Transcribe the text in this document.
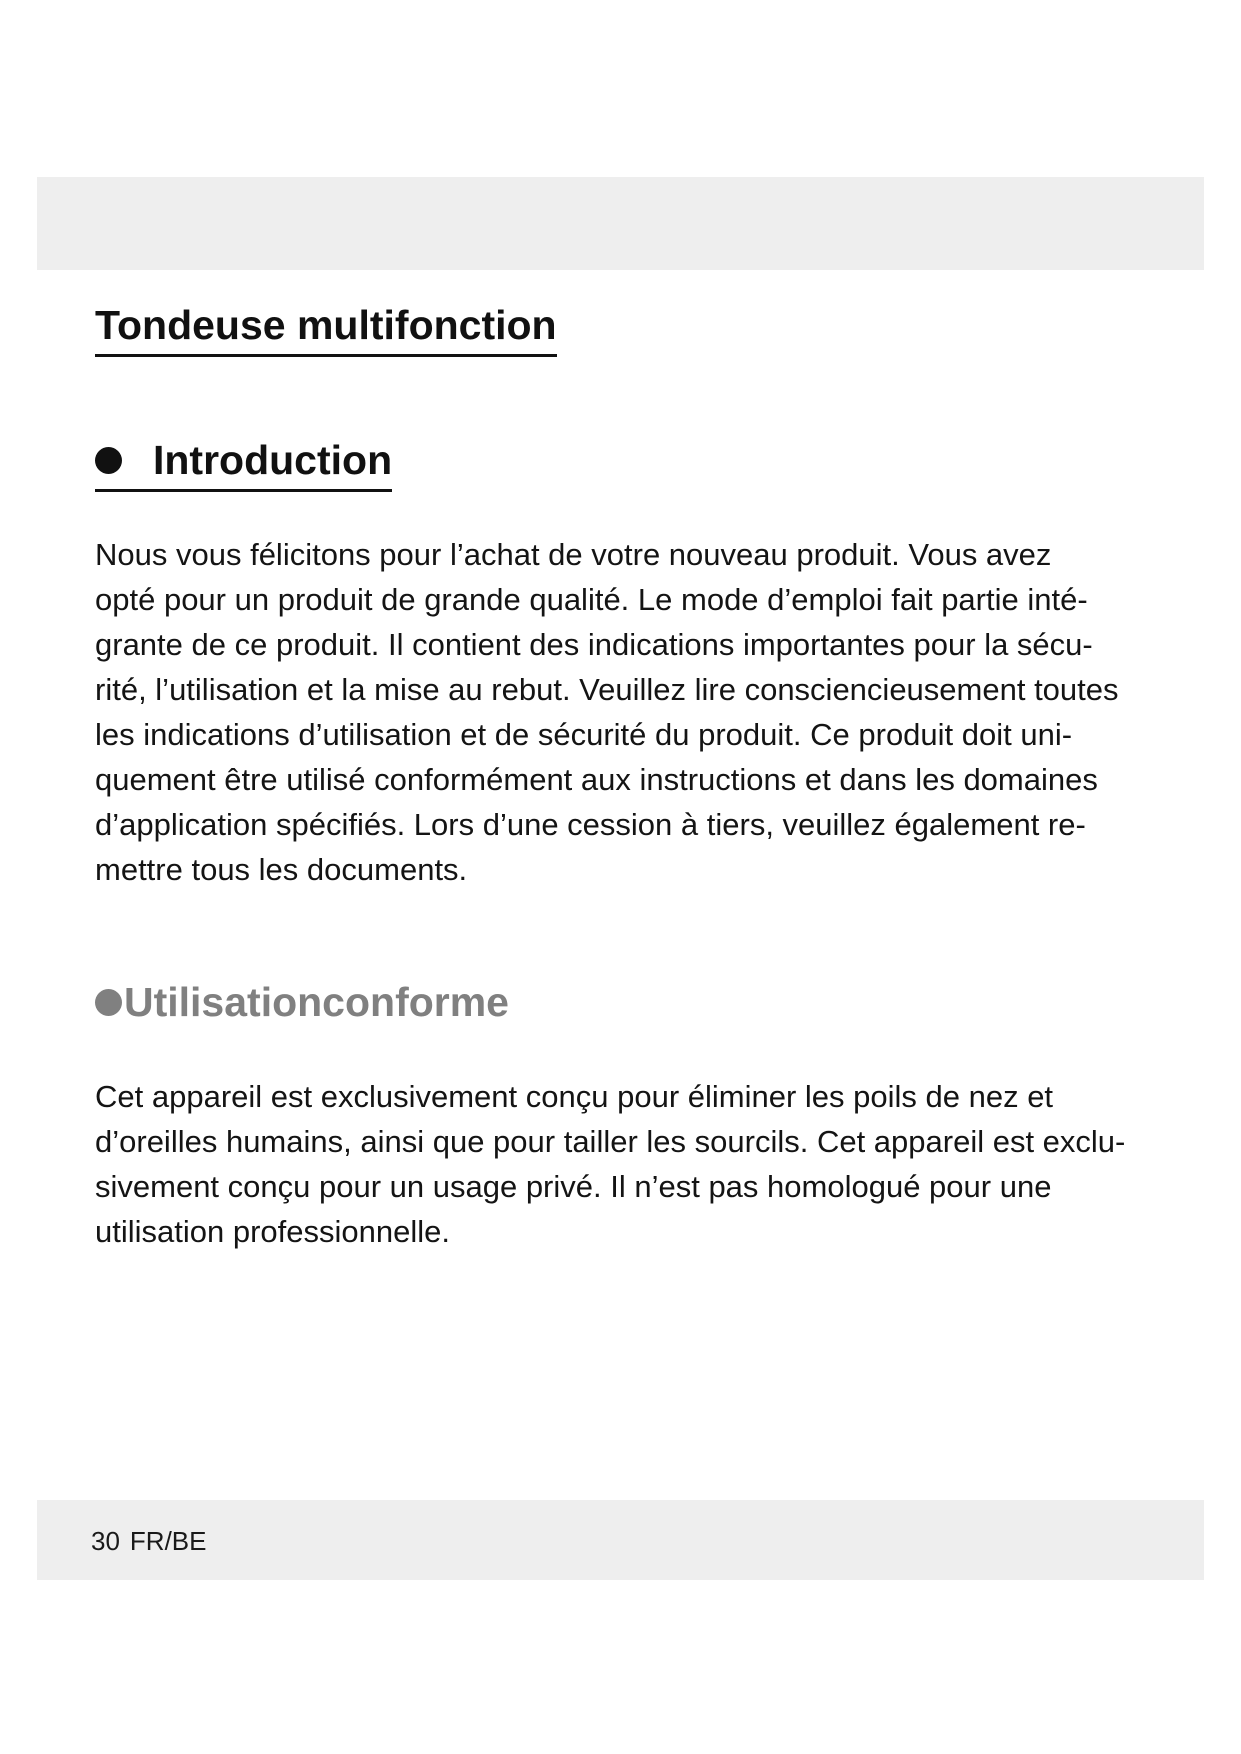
Tondeuse multifonction
Introduction

Nous vous félicitons pour l’achat de votre nouveau produit. Vous avez
opté pour un produit de grande qualité. Le mode d’emploi fait partie inté-
grante de ce produit. Il contient des indications importantes pour la sécu-
rité, l’utilisation et la mise au rebut. Veuillez lire consciencieusement toutes
les indications d’utilisation et de sécurité du produit. Ce produit doit uni-
quement être utilisé conformément aux instructions et dans les domaines
d’application spécifiés. Lors d’une cession à tiers, veuillez également re-
mettre tous les documents.

Utilisationconforme

Cet appareil est exclusivement conçu pour éliminer les poils de nez et
d’oreilles humains, ainsi que pour tailler les sourcils. Cet appareil est exclu-
sivement conçu pour un usage privé. Il n’est pas homologué pour une
utilisation professionnelle.

30 FR/BE
